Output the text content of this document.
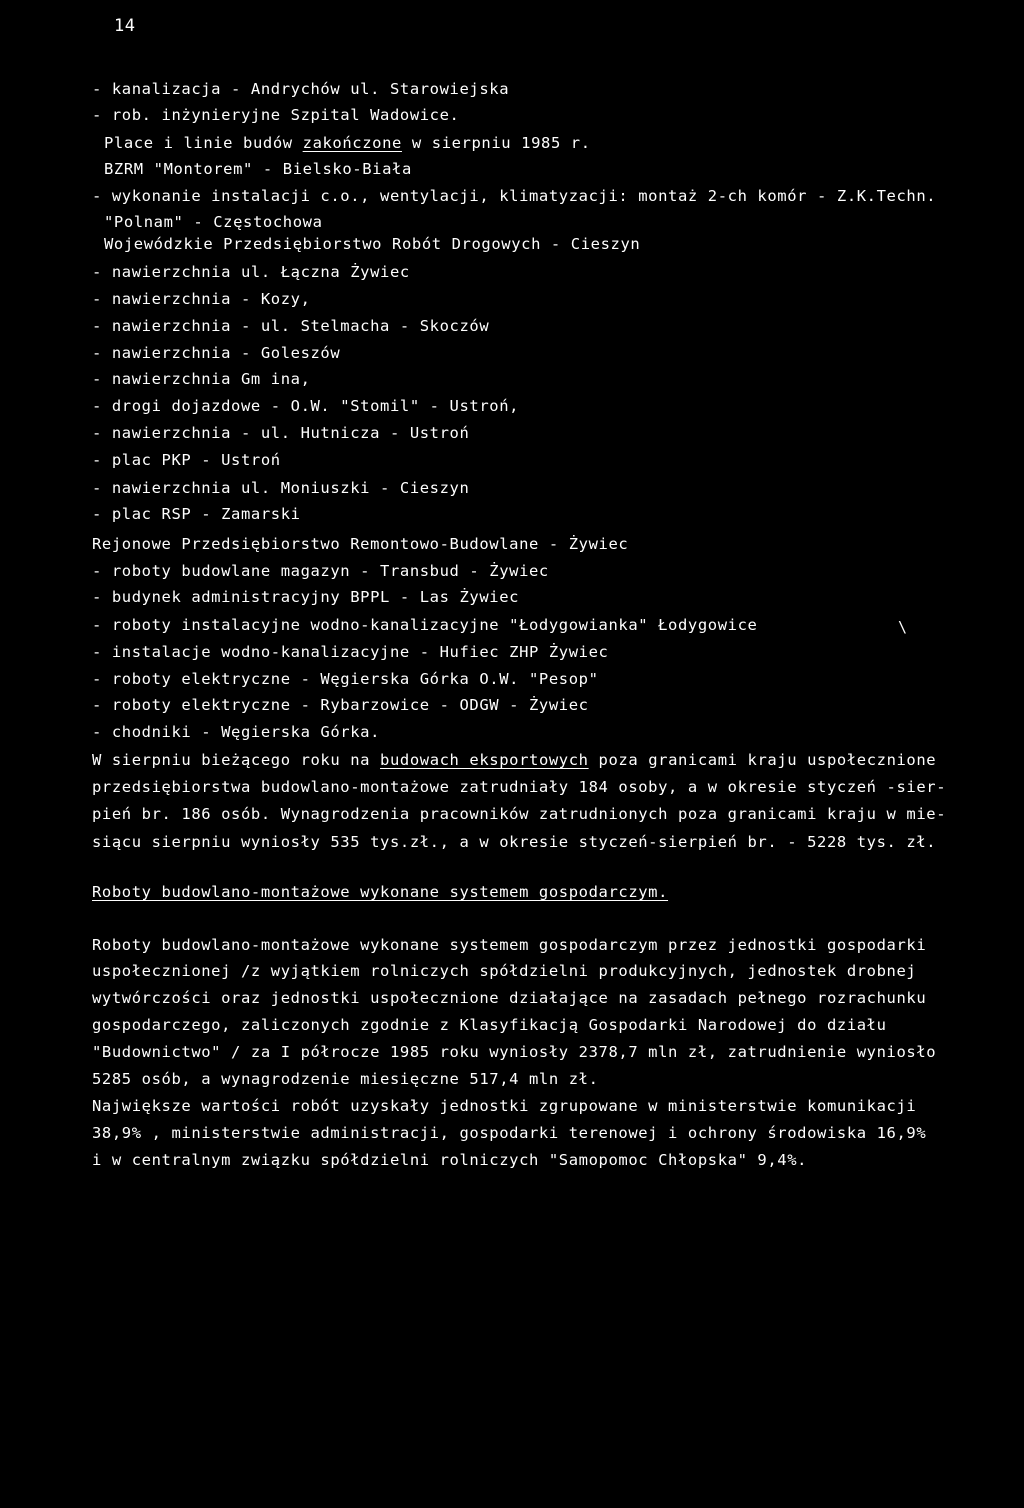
14
- kanalizacja - Andrychów ul. Starowiejska
- rob. inżynieryjne Szpital Wadowice.
Place i linie budów zakończone w sierpniu 1985 r.
BZRM "Montorem" - Bielsko-Biała
- wykonanie instalacji c.o., wentylacji, klimatyzacji: montaż 2-ch komór - Z.K.Techn.
"Polnam" - Częstochowa
Wojewódzkie Przedsiębiorstwo Robót Drogowych - Cieszyn
- nawierzchnia ul. Łączna Żywiec
- nawierzchnia - Kozy,
- nawierzchnia - ul. Stelmacha - Skoczów
- nawierzchnia - Goleszów
- nawierzchnia Gm ina,
- drogi dojazdowe - O.W. "Stomil" - Ustroń,
- nawierzchnia - ul. Hutnicza - Ustroń
- plac PKP - Ustroń
- nawierzchnia ul. Moniuszki - Cieszyn
- plac RSP - Zamarski
Rejonowe Przedsiębiorstwo Remontowo-Budowlane - Żywiec
- roboty budowlane magazyn - Transbud - Żywiec
- budynek administracyjny BPPL - Las Żywiec
- roboty instalacyjne wodno-kanalizacyjne "Łodygowianka" Łodygowice	\
- instalacje wodno-kanalizacyjne - Hufiec ZHP Żywiec
- roboty elektryczne - Węgierska Górka O.W. "Pesop"
- roboty elektryczne - Rybarzowice - ODGW - Żywiec
- chodniki - Węgierska Górka.
W sierpniu bieżącego roku na budowach eksportowych poza granicami kraju uspołecznione
przedsiębiorstwa budowlano-montażowe zatrudniały 184 osoby, a w okresie styczeń -sier-
pień br. 186 osób. Wynagrodzenia pracowników zatrudnionych poza granicami kraju w mie-
siącu sierpniu wyniosły 535 tys.zł., a w okresie styczeń-sierpień br. - 5228 tys. zł.
Roboty budowlano-montażowe wykonane systemem gospodarczym.
Roboty budowlano-montażowe wykonane systemem gospodarczym przez jednostki gospodarki
uspołecznionej /z wyjątkiem rolniczych spółdzielni produkcyjnych, jednostek drobnej
wytwórczości oraz jednostki uspołecznione działające na zasadach pełnego rozrachunku
gospodarczego, zaliczonych zgodnie z Klasyfikacją Gospodarki Narodowej do działu
"Budownictwo" / za I półrocze 1985 roku wyniosły 2378,7 mln zł, zatrudnienie wyniosło
5285 osób, a wynagrodzenie miesięczne 517,4 mln zł.
Największe wartości robót uzyskały jednostki zgrupowane w ministerstwie komunikacji
38,9% , ministerstwie administracji, gospodarki terenowej i ochrony środowiska 16,9%
i w centralnym związku spółdzielni rolniczych "Samopomoc Chłopska" 9,4%.
